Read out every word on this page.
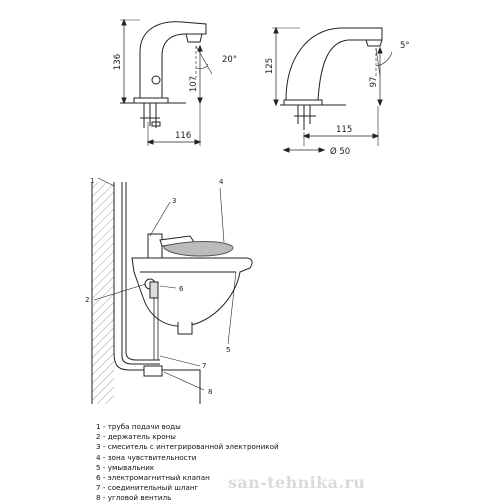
136
107
116
20°	125
97
115
Ø 50
5°
1
2
3
4
5
6
7
8
1 - труба подачи воды
2 - держатель кроны
3 - смеситель с интегрированной электроникой
4 - зона чувствительности
5 - умывальник
6 - электромагнитный клапан
7 - соединительный шланг
8 - угловой вентиль
san-tehnika.ru
